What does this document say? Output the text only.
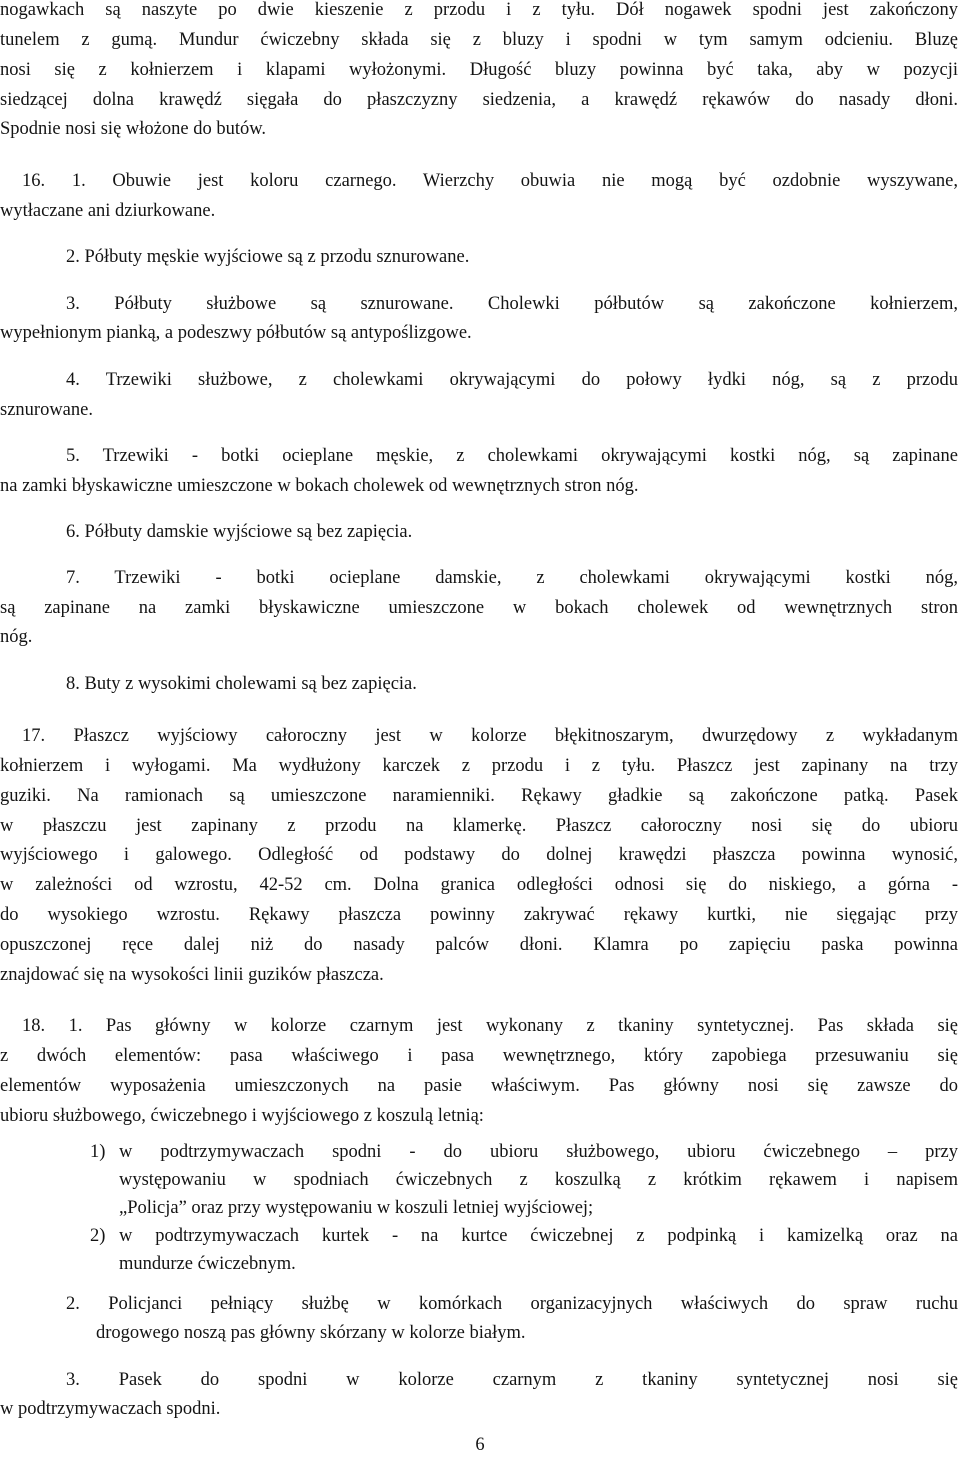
nogawkach są naszyte po dwie kieszenie z przodu i z tyłu. Dół nogawek spodni jest zakończony

tunelem z gumą. Mundur ćwiczebny składa się z bluzy i spodni w tym samym odcieniu. Bluzę

nosi się z kołnierzem i klapami wyłożonymi. Długość bluzy powinna być taka, aby w pozycji

siedzącej dolna krawędź sięgała do płaszczyzny siedzenia, a krawędź rękawów do nasady dłoni.

Spodnie nosi się włożone do butów.

16. 1. Obuwie jest koloru czarnego. Wierzchy obuwia nie mogą być ozdobnie wyszywane,

wytłaczane ani dziurkowane.

2. Półbuty męskie wyjściowe są z przodu sznurowane.

3. Półbuty służbowe są sznurowane. Cholewki półbutów są zakończone kołnierzem,

wypełnionym pianką, a podeszwy półbutów są antypoślizgowe.

4. Trzewiki służbowe, z cholewkami okrywającymi do połowy łydki nóg, są z przodu

sznurowane.

5. Trzewiki - botki ocieplane męskie, z cholewkami okrywającymi kostki nóg, są zapinane

na zamki błyskawiczne umieszczone w bokach cholewek od wewnętrznych stron nóg.

6. Półbuty damskie wyjściowe są bez zapięcia.

7. Trzewiki - botki ocieplane damskie, z cholewkami okrywającymi kostki nóg,

są zapinane na zamki błyskawiczne umieszczone w bokach cholewek od wewnętrznych stron

nóg.

8. Buty z wysokimi cholewami są bez zapięcia.

17. Płaszcz wyjściowy całoroczny jest w kolorze błękitnoszarym, dwurzędowy z wykładanym

kołnierzem i wyłogami. Ma wydłużony karczek z przodu i z tyłu. Płaszcz jest zapinany na trzy

guziki. Na ramionach są umieszczone naramienniki. Rękawy gładkie są zakończone patką. Pasek

w płaszczu jest zapinany z przodu na klamerkę. Płaszcz całoroczny nosi się do ubioru

wyjściowego i galowego. Odległość od podstawy do dolnej krawędzi płaszcza powinna wynosić,

w zależności od wzrostu, 42-52 cm. Dolna granica odległości odnosi się do niskiego, a górna -

do wysokiego wzrostu. Rękawy płaszcza powinny zakrywać rękawy kurtki, nie sięgając przy

opuszczonej ręce dalej niż do nasady palców dłoni. Klamra po zapięciu paska powinna

znajdować się na wysokości linii guzików płaszcza.

18. 1. Pas główny w kolorze czarnym jest wykonany z tkaniny syntetycznej. Pas składa się

z dwóch elementów: pasa właściwego i pasa wewnętrznego, który zapobiega przesuwaniu się

elementów wyposażenia umieszczonych na pasie właściwym. Pas główny nosi się zawsze do

ubioru służbowego, ćwiczebnego i wyjściowego z koszulą letnią:

1) w podtrzymywaczach spodni - do ubioru służbowego, ubioru ćwiczebnego – przy

występowaniu w spodniach ćwiczebnych z koszulką z krótkim rękawem i napisem

„Policja” oraz przy występowaniu w koszuli letniej wyjściowej;

2) w podtrzymywaczach kurtek - na kurtce ćwiczebnej z podpinką i kamizelką oraz na

mundurze ćwiczebnym.

2. Policjanci pełniący służbę w komórkach organizacyjnych właściwych do spraw ruchu

drogowego noszą pas główny skórzany w kolorze białym.

3. Pasek do spodni w kolorze czarnym z tkaniny syntetycznej nosi się

w podtrzymywaczach spodni.

6
